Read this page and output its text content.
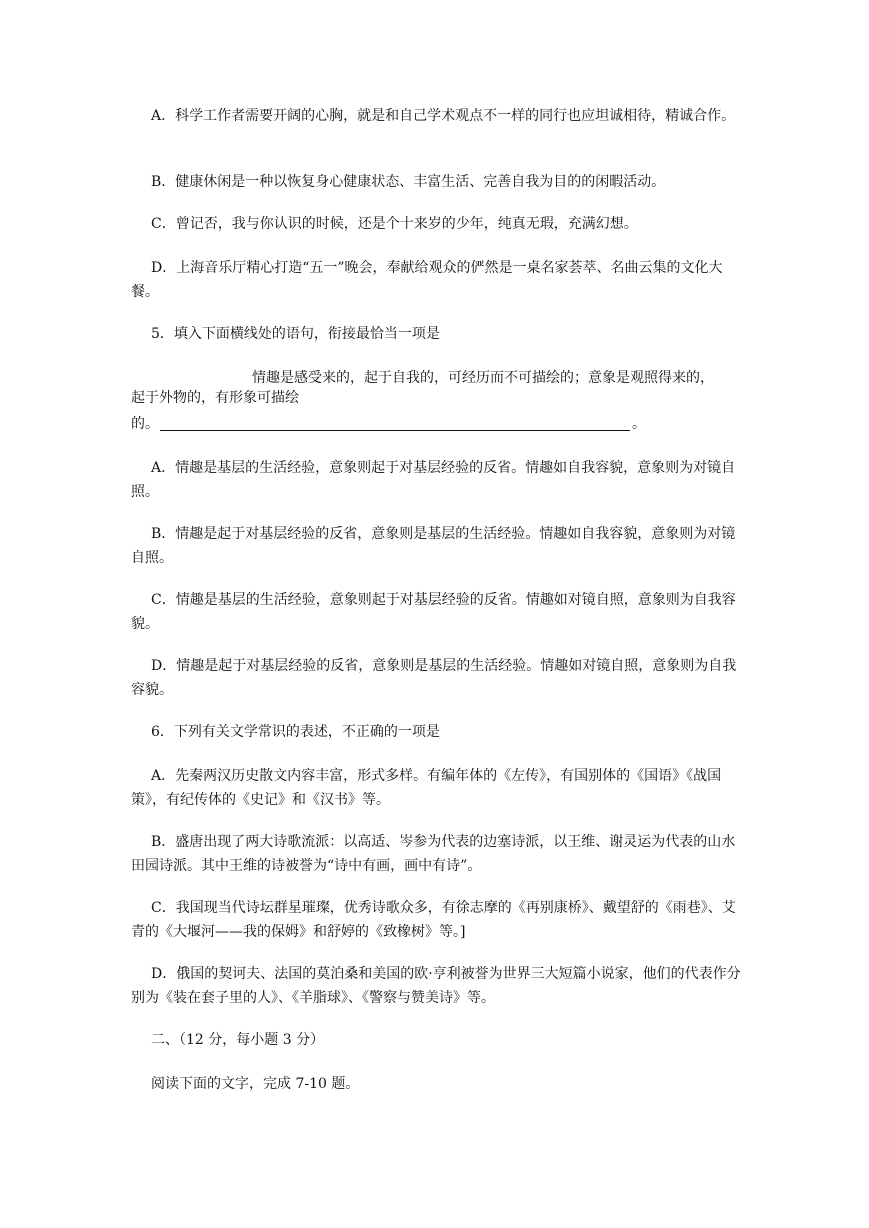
A．科学工作者需要开阔的心胸，就是和自己学术观点不一样的同行也应坦诚相待，精诚合作。

B．健康休闲是一种以恢复身心健康状态、丰富生活、完善自我为目的的闲暇活动。

C．曾记否，我与你认识的时候，还是个十来岁的少年，纯真无瑕，充满幻想。

D．上海音乐厅精心打造“五一”晚会，奉献给观众的俨然是一桌名家荟萃、名曲云集的文化大餐。

5．填入下面横线处的语句，衔接最恰当一项是

情趣是感受来的，起于自我的，可经历而不可描绘的；意象是观照得来的，
起于外物的，有形象可描绘
的。	。

A．情趣是基层的生活经验，意象则起于对基层经验的反省。情趣如自我容貌，意象则为对镜自照。

B．情趣是起于对基层经验的反省，意象则是基层的生活经验。情趣如自我容貌，意象则为对镜自照。

C．情趣是基层的生活经验，意象则起于对基层经验的反省。情趣如对镜自照，意象则为自我容貌。

D．情趣是起于对基层经验的反省，意象则是基层的生活经验。情趣如对镜自照，意象则为自我容貌。

6．下列有关文学常识的表述，不正确的一项是

A．先秦两汉历史散文内容丰富，形式多样。有编年体的《左传》，有国别体的《国语》《战国策》，有纪传体的《史记》和《汉书》等。

B．盛唐出现了两大诗歌流派：以高适、岑参为代表的边塞诗派，以王维、谢灵运为代表的山水田园诗派。其中王维的诗被誉为“诗中有画，画中有诗”。

C．我国现当代诗坛群星璀璨，优秀诗歌众多，有徐志摩的《再别康桥》、戴望舒的《雨巷》、艾青的《大堰河——我的保姆》和舒婷的《致橡树》等。]

D．俄国的契诃夫、法国的莫泊桑和美国的欧·亨利被誉为世界三大短篇小说家，他们的代表作分别为《装在套子里的人》、《羊脂球》、《警察与赞美诗》等。

二、（12 分，每小题 3 分）

阅读下面的文字，完成 7-10 题。
